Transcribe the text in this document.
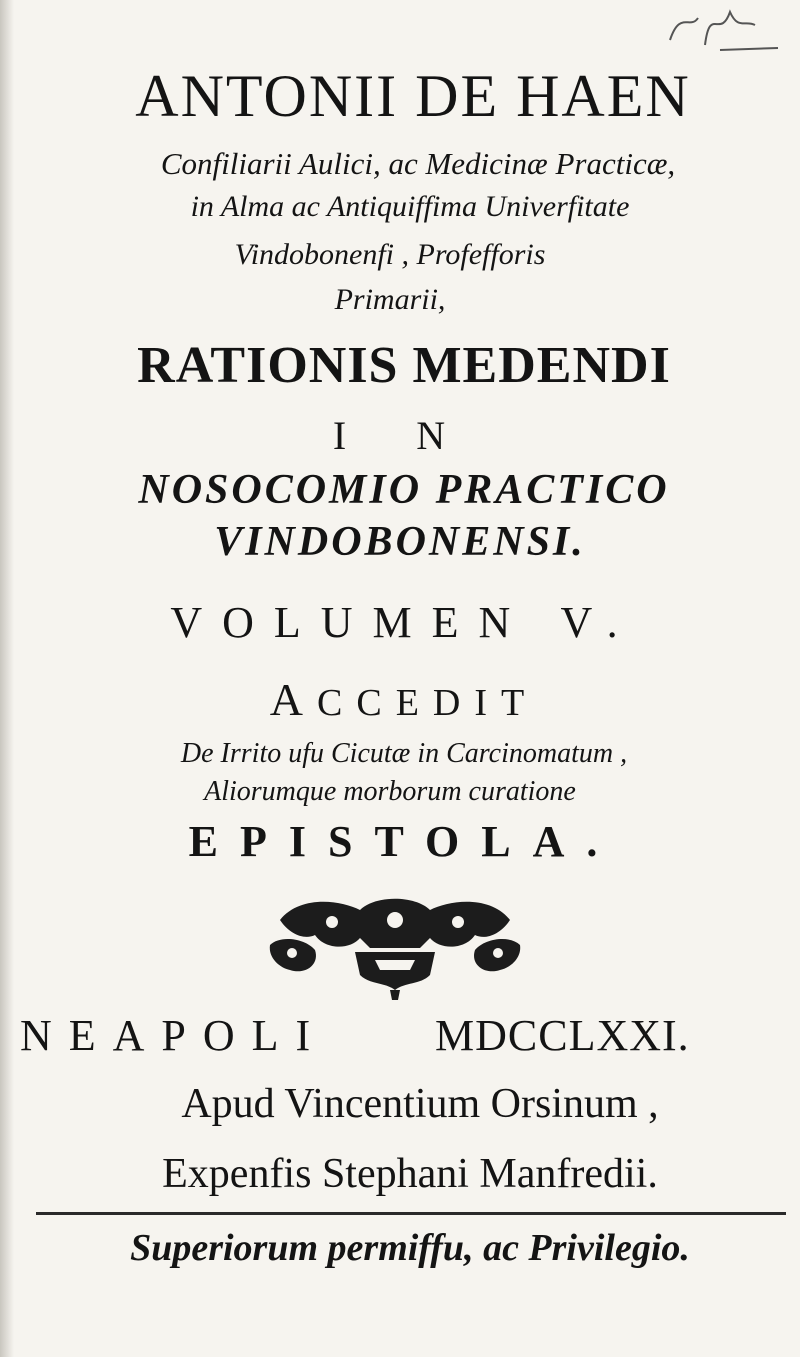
ANTONII DE HAEN
Confiliarii Aulici, ac Medicinæ Practicæ,
in Alma ac Antiquiffima Univerfitate
Vindobonenfi , Profefforis
Primarii,
RATIONIS MEDENDI
I N
NOSOCOMIO PRACTICO
VINDOBONENSI.
VOLUMEN V.
ACCEDIT
De Irrito ufu Cicutæ in Carcinomatum ,
Aliorumque morborum curatione
EPISTOLA.
NEAPOLI MDCCLXXI.
Apud Vincentium Orsinum ,
Expenfis Stephani Manfredii.
Superiorum permiffu, ac Privilegio.
